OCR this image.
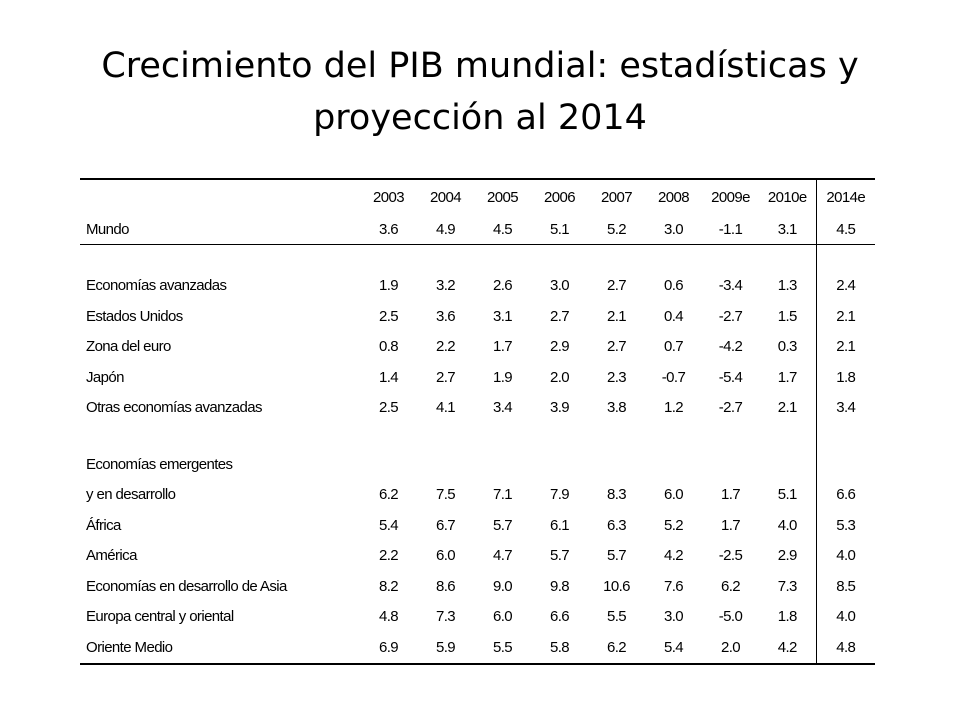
Crecimiento del PIB mundial: estadísticas y
proyección al 2014
	2003	2004	2005	2006	2007	2008	2009e	2010e	2014e
Mundo	3.6	4.9	4.5	5.1	5.2	3.0	-1.1	3.1	4.5

Economías avanzadas	1.9	3.2	2.6	3.0	2.7	0.6	-3.4	1.3	2.4
Estados Unidos	2.5	3.6	3.1	2.7	2.1	0.4	-2.7	1.5	2.1
Zona del euro	0.8	2.2	1.7	2.9	2.7	0.7	-4.2	0.3	2.1
Japón	1.4	2.7	1.9	2.0	2.3	-0.7	-5.4	1.7	1.8
Otras economías avanzadas	2.5	4.1	3.4	3.9	3.8	1.2	-2.7	2.1	3.4

Economías emergentes									
y en desarrollo	6.2	7.5	7.1	7.9	8.3	6.0	1.7	5.1	6.6
África	5.4	6.7	5.7	6.1	6.3	5.2	1.7	4.0	5.3
América	2.2	6.0	4.7	5.7	5.7	4.2	-2.5	2.9	4.0
Economías en desarrollo de Asia	8.2	8.6	9.0	9.8	10.6	7.6	6.2	7.3	8.5
Europa central y oriental	4.8	7.3	6.0	6.6	5.5	3.0	-5.0	1.8	4.0
Oriente Medio	6.9	5.9	5.5	5.8	6.2	5.4	2.0	4.2	4.8
